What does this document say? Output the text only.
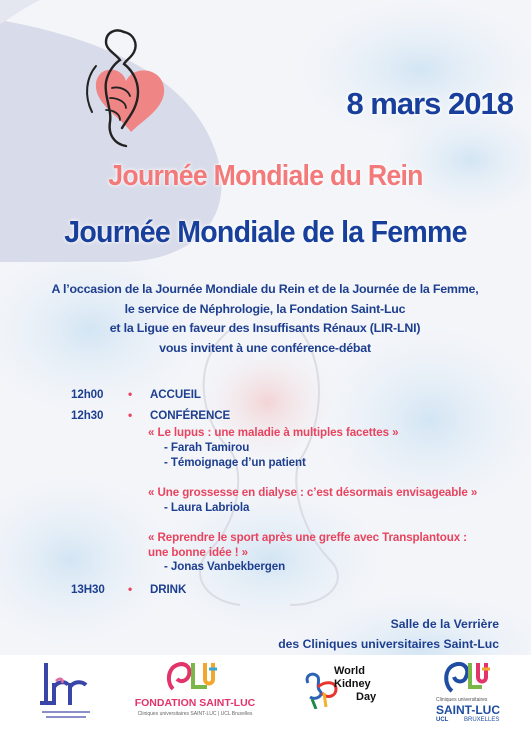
8 mars 2018
Journée Mondiale du Rein
Journée Mondiale de la Femme
A l’occasion de la Journée Mondiale du Rein et de la Journée de la Femme,
le service de Néphrologie, la Fondation Saint-Luc
et la Ligue en faveur des Insuffisants Rénaux (LIR-LNI)
vous invitent à une conférence-débat
12h00 • ACCUEIL
12h30 • CONFÉRENCE
« Le lupus : une maladie à multiples facettes »
- Farah Tamirou
- Témoignage d’un patient
« Une grossesse en dialyse : c’est désormais envisageable »
- Laura Labriola
« Reprendre le sport après une greffe avec Transplantoux :
une bonne idée ! »
- Jonas Vanbekbergen
13H30 • DRINK
Salle de la Verrière
des Cliniques universitaires Saint-Luc
FONDATION SAINT-LUC
Cliniques universitaires SAINT-LUC | UCL Bruxelles
World
Kidney
Day	Cliniques universitaires
SAINT-LUC
UCL	BRUXELLES
